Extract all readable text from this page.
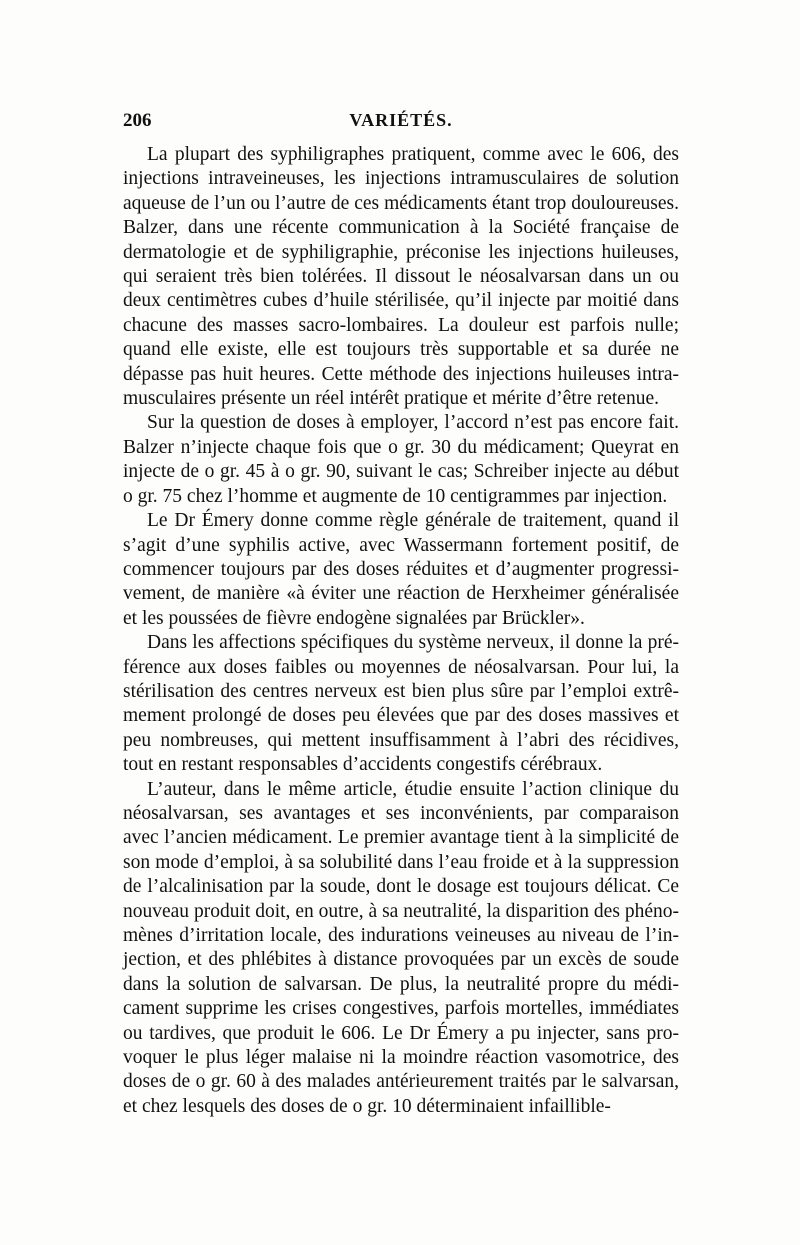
206	VARIÉTÉS.

La plupart des syphiligraphes pratiquent, comme avec le 606, des injections intraveineuses, les injections intramusculaires de solution aqueuse de l’un ou l’autre de ces médicaments étant trop douloureuses. Balzer, dans une récente communication à la Société française de dermatologie et de syphiligraphie, préconise les injections huileuses, qui seraient très bien tolérées. Il dissout le néosalvarsan dans un ou deux centimètres cubes d’huile stérilisée, qu’il injecte par moitié dans chacune des masses sacro-lombaires. La douleur est parfois nulle; quand elle existe, elle est toujours très supportable et sa durée ne dépasse pas huit heures. Cette méthode des injections huileuses intramusculaires présente un réel intérêt pratique et mérite d’être retenue.

Sur la question de doses à employer, l’accord n’est pas encore fait. Balzer n’injecte chaque fois que o gr. 30 du médicament; Queyrat en injecte de o gr. 45 à o gr. 90, suivant le cas; Schreiber injecte au début o gr. 75 chez l’homme et augmente de 10 centigrammes par injection.

Le Dr Émery donne comme règle générale de traitement, quand il s’agit d’une syphilis active, avec Wassermann fortement positif, de commencer toujours par des doses réduites et d’augmenter progressivement, de manière «à éviter une réaction de Herxheimer généralisée et les poussées de fièvre endogène signalées par Brückler».

Dans les affections spécifiques du système nerveux, il donne la préférence aux doses faibles ou moyennes de néosalvarsan. Pour lui, la stérilisation des centres nerveux est bien plus sûre par l’emploi extrêmement prolongé de doses peu élevées que par des doses massives et peu nombreuses, qui mettent insuffisamment à l’abri des récidives, tout en restant responsables d’accidents congestifs cérébraux.

L’auteur, dans le même article, étudie ensuite l’action clinique du néosalvarsan, ses avantages et ses inconvénients, par comparaison avec l’ancien médicament. Le premier avantage tient à la simplicité de son mode d’emploi, à sa solubilité dans l’eau froide et à la suppression de l’alcalinisation par la soude, dont le dosage est toujours délicat. Ce nouveau produit doit, en outre, à sa neutralité, la disparition des phénomènes d’irritation locale, des indurations veineuses au niveau de l’injection, et des phlébites à distance provoquées par un excès de soude dans la solution de salvarsan. De plus, la neutralité propre du médicament supprime les crises congestives, parfois mortelles, immédiates ou tardives, que produit le 606. Le Dr Émery a pu injecter, sans provoquer le plus léger malaise ni la moindre réaction vasomotrice, des doses de o gr. 60 à des malades antérieurement traités par le salvarsan, et chez lesquels des doses de o gr. 10 déterminaient infaillible-
